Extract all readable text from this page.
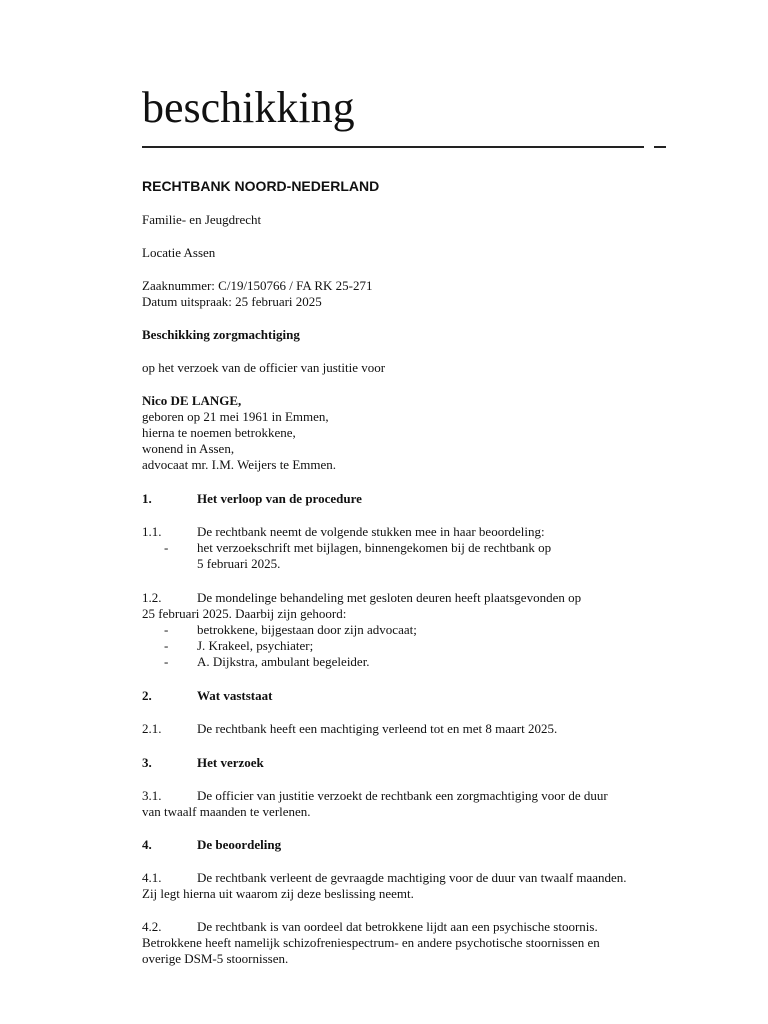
beschikking
RECHTBANK NOORD-NEDERLAND
Familie- en Jeugdrecht
Locatie Assen
Zaaknummer: C/19/150766 / FA RK 25-271
Datum uitspraak: 25 februari 2025
Beschikking zorgmachtiging
op het verzoek van de officier van justitie voor
Nico DE LANGE,
geboren op 21 mei 1961 in Emmen,
hierna te noemen betrokkene,
wonend in Assen,
advocaat mr. I.M. Weijers te Emmen.
1.	Het verloop van de procedure
1.1.	De rechtbank neemt de volgende stukken mee in haar beoordeling:
- het verzoekschrift met bijlagen, binnengekomen bij de rechtbank op
5 februari 2025.
1.2.	De mondelinge behandeling met gesloten deuren heeft plaatsgevonden op
25 februari 2025. Daarbij zijn gehoord:
- betrokkene, bijgestaan door zijn advocaat;
- J. Krakeel, psychiater;
- A. Dijkstra, ambulant begeleider.
2.	Wat vaststaat
2.1.	De rechtbank heeft een machtiging verleend tot en met 8 maart 2025.
3.	Het verzoek
3.1.	De officier van justitie verzoekt de rechtbank een zorgmachtiging voor de duur
van twaalf maanden te verlenen.
4.	De beoordeling
4.1.	De rechtbank verleent de gevraagde machtiging voor de duur van twaalf maanden.
Zij legt hierna uit waarom zij deze beslissing neemt.
4.2.	De rechtbank is van oordeel dat betrokkene lijdt aan een psychische stoornis.
Betrokkene heeft namelijk schizofreniespectrum- en andere psychotische stoornissen en
overige DSM-5 stoornissen.
